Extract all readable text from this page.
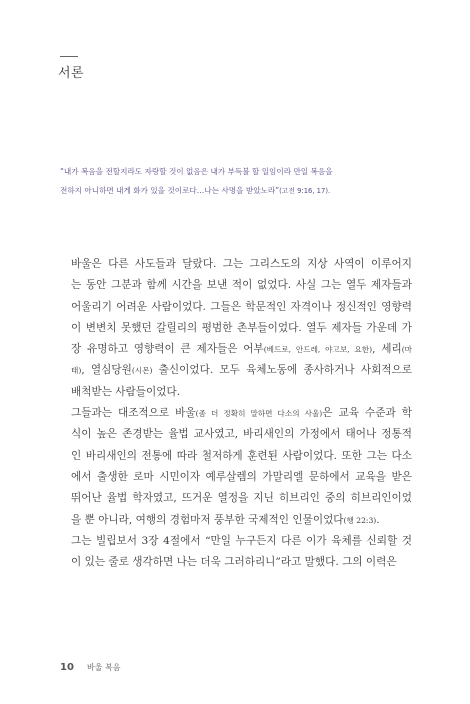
서론
“내가 복음을 전할지라도 자랑할 것이 없음은 내가 부득불 할 일임이라 만일 복음을
전하지 아니하면 내게 화가 있을 것이로다…나는 사명을 받았노라”(고전 9:16, 17).
바울은 다른 사도들과 달랐다. 그는 그리스도의 지상 사역이 이루어지
는 동안 그분과 함께 시간을 보낸 적이 없었다. 사실 그는 열두 제자들과
어울리기 어려운 사람이었다. 그들은 학문적인 자격이나 정신적인 영향력
이 변변치 못했던 갈릴리의 평범한 촌부들이었다. 열두 제자들 가운데 가
장 유명하고 영향력이 큰 제자들은 어부(베드로, 안드레, 야고보, 요한), 세리(마
태), 열심당원(시몬) 출신이었다. 모두 육체노동에 종사하거나 사회적으로
배척받는 사람들이었다.
그들과는 대조적으로 바울(좀 더 정확히 말하면 다소의 사울)은 교육 수준과 학
식이 높은 존경받는 율법 교사였고, 바리새인의 가정에서 태어나 정통적
인 바리새인의 전통에 따라 철저하게 훈련된 사람이었다. 또한 그는 다소
에서 출생한 로마 시민이자 예루살렘의 가말리엘 문하에서 교육을 받은
뛰어난 율법 학자였고, 뜨거운 열정을 지닌 히브리인 중의 히브리인이었
을 뿐 아니라, 여행의 경험마저 풍부한 국제적인 인물이었다(행 22:3).
그는 빌립보서 3장 4절에서 “만일 누구든지 다른 이가 육체를 신뢰할 것
이 있는 줄로 생각하면 나는 더욱 그러하리니”라고 말했다. 그의 이력은
10 바울 복음
